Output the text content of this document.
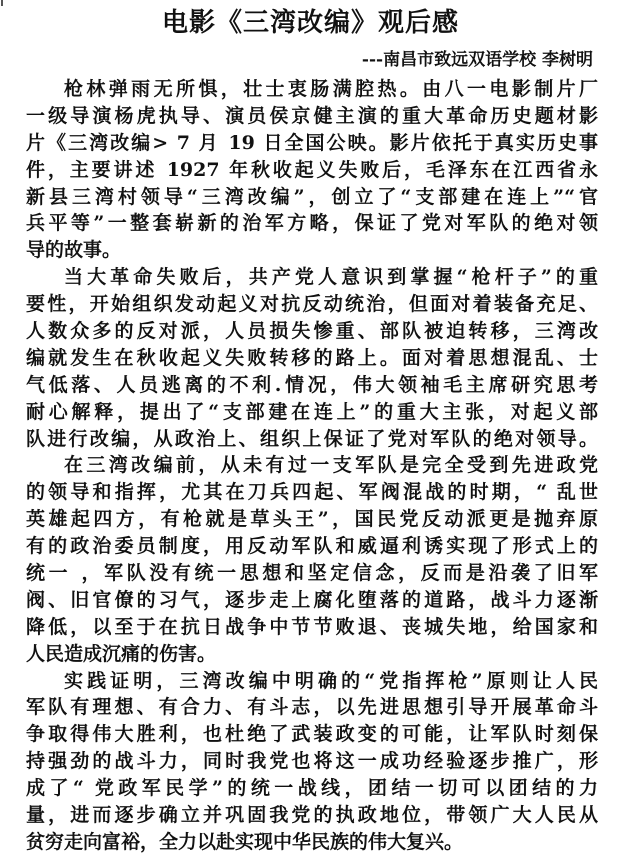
电影《三湾改编》观后感
---南昌市致远双语学校 李树明
枪林弹雨无所惧，壮士衷肠满腔热。由八一电影制片厂
一级导演杨虎执导、演员侯京健主演的重大革命历史题材影
片《三湾改编> 7 月 19 日全国公映。影片依托于真实历史事
件，主要讲述 1927 年秋收起义失败后，毛泽东在江西省永
新县三湾村领导“三湾改编”，创立了“支部建在连上”“官
兵平等”一整套崭新的治军方略，保证了党对军队的绝对领
导的故事。
当大革命失败后，共产党人意识到掌握“枪杆子”的重
要性，开始组织发动起义对抗反动统治，但面对着装备充足、
人数众多的反对派，人员损失惨重、部队被迫转移，三湾改
编就发生在秋收起义失败转移的路上。面对着思想混乱、士
气低落、人员逃离的不利.情况，伟大领袖毛主席研究思考
耐心解释，提出了“支部建在连上”的重大主张，对起义部
队进行改编，从政治上、组织上保证了党对军队的绝对领导。
在三湾改编前，从未有过一支军队是完全受到先进政党
的领导和指挥，尤其在刀兵四起、军阀混战的时期，“ 乱世
英雄起四方，有枪就是草头王”，国民党反动派更是抛弃原
有的政治委员制度，用反动军队和威逼利诱实现了形式上的
统一 ，军队没有统一思想和坚定信念，反而是沿袭了旧军
阀、旧官僚的习气，逐步走上腐化堕落的道路，战斗力逐渐
降低，以至于在抗日战争中节节败退、丧城失地，给国家和
人民造成沉痛的伤害。
实践证明，三湾改编中明确的“党指挥枪”原则让人民
军队有理想、有合力、有斗志，以先进思想引导开展革命斗
争取得伟大胜利，也杜绝了武装政变的可能，让军队时刻保
持强劲的战斗力，同时我党也将这一成功经验逐步推广，形
成了“ 党政军民学”的统一战线，团结一切可以团结的力
量，进而逐步确立并巩固我党的执政地位，带领广大人民从
贫穷走向富裕，全力以赴实现中华民族的伟大复兴。
